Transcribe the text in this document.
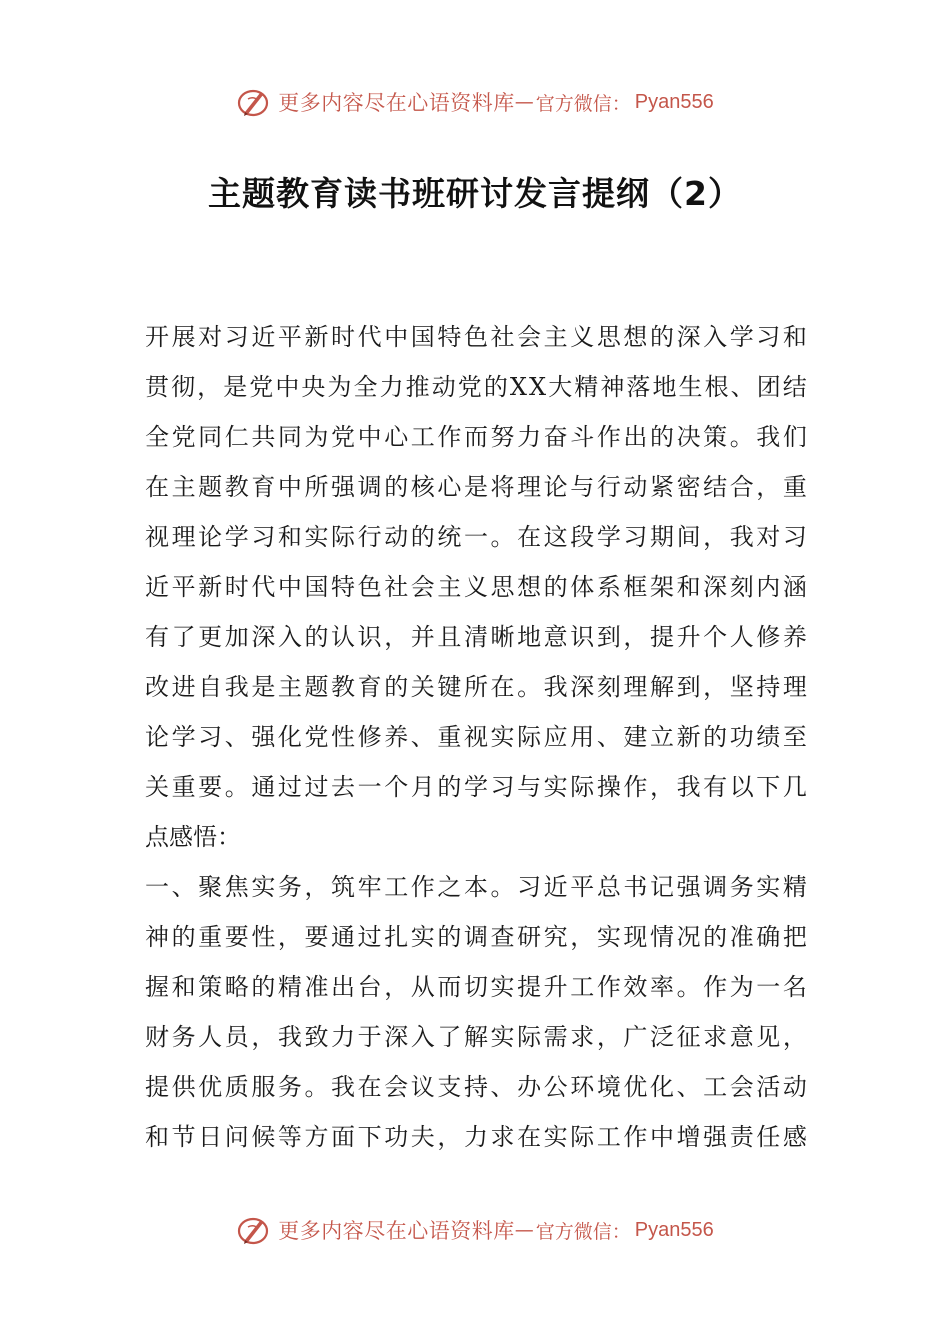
更多内容尽在心语资料库 — 官方微信： Pyan556
主题教育读书班研讨发言提纲（2）
开 展 对 习 近 平 新 时 代 中 国 特 色 社 会 主 义 思 想 的 深 入 学 习 和
贯 彻 ， 是 党 中 央 为 全 力 推 动 党 的 X X 大 精 神 落 地 生 根 、 团 结
全 党 同 仁 共 同 为 党 中 心 工 作 而 努 力 奋 斗 作 出 的 决 策 。 我 们
在 主 题 教 育 中 所 强 调 的 核 心 是 将 理 论 与 行 动 紧 密 结 合 ， 重
视 理 论 学 习 和 实 际 行 动 的 统 一 。 在 这 段 学 习 期 间 ， 我 对 习
近 平 新 时 代 中 国 特 色 社 会 主 义 思 想 的 体 系 框 架 和 深 刻 内 涵
有 了 更 加 深 入 的 认 识 ， 并 且 清 晰 地 意 识 到 ， 提 升 个 人 修 养
改 进 自 我 是 主 题 教 育 的 关 键 所 在 。 我 深 刻 理 解 到 ， 坚 持 理
论 学 习 、 强 化 党 性 修 养 、 重 视 实 际 应 用 、 建 立 新 的 功 绩 至
关 重 要 。 通 过 过 去 一 个 月 的 学 习 与 实 际 操 作 ， 我 有 以 下 几
点 感 悟 ：
一 、 聚 焦 实 务 ， 筑 牢 工 作 之 本 。 习 近 平 总 书 记 强 调 务 实 精
神 的 重 要 性 ， 要 通 过 扎 实 的 调 查 研 究 ， 实 现 情 况 的 准 确 把
握 和 策 略 的 精 准 出 台 ， 从 而 切 实 提 升 工 作 效 率 。 作 为 一 名
财 务 人 员 ， 我 致 力 于 深 入 了 解 实 际 需 求 ， 广 泛 征 求 意 见 ，
提 供 优 质 服 务 。 我 在 会 议 支 持 、 办 公 环 境 优 化 、 工 会 活 动
和 节 日 问 候 等 方 面 下 功 夫 ， 力 求 在 实 际 工 作 中 增 强 责 任 感
更多内容尽在心语资料库 — 官方微信： Pyan556
